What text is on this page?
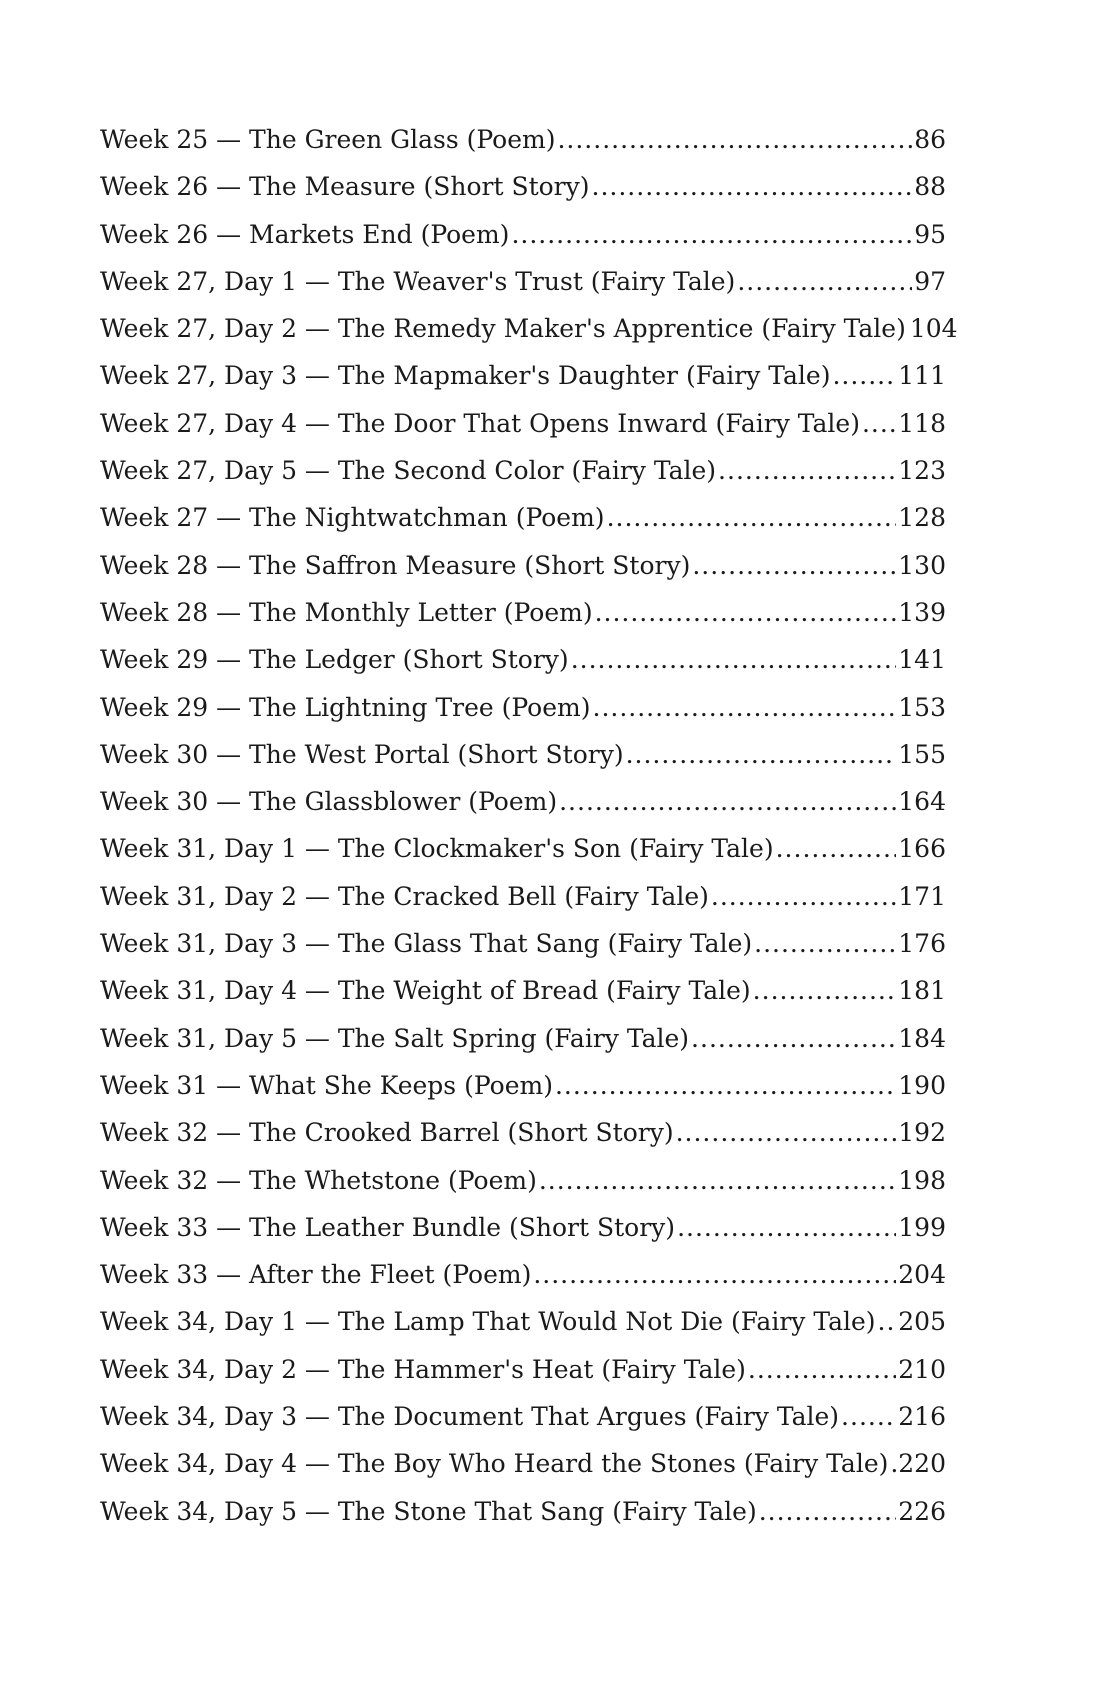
Week 25 — The Green Glass (Poem) .....	86
Week 26 — The Measure (Short Story) .....	88
Week 26 — Markets End (Poem) .....	95
Week 27, Day 1 — The Weaver's Trust (Fairy Tale) .....	97
Week 27, Day 2 — The Remedy Maker's Apprentice (Fairy Tale) 104
Week 27, Day 3 — The Mapmaker's Daughter (Fairy Tale) .....	111
Week 27, Day 4 — The Door That Opens Inward (Fairy Tale) ..... 118
Week 27, Day 5 — The Second Color (Fairy Tale) .....	123
Week 27 — The Nightwatchman (Poem) .....	128
Week 28 — The Saffron Measure (Short Story) .....	130
Week 28 — The Monthly Letter (Poem) .....	139
Week 29 — The Ledger (Short Story) .....	141
Week 29 — The Lightning Tree (Poem) .....	153
Week 30 — The West Portal (Short Story) .....	155
Week 30 — The Glassblower (Poem) .....	164
Week 31, Day 1 — The Clockmaker's Son (Fairy Tale) .....	166
Week 31, Day 2 — The Cracked Bell (Fairy Tale) .....	171
Week 31, Day 3 — The Glass That Sang (Fairy Tale) .....	176
Week 31, Day 4 — The Weight of Bread (Fairy Tale) .....	181
Week 31, Day 5 — The Salt Spring (Fairy Tale) .....	184
Week 31 — What She Keeps (Poem) .....	190
Week 32 — The Crooked Barrel (Short Story) .....	192
Week 32 — The Whetstone (Poem) .....	198
Week 33 — The Leather Bundle (Short Story) .....	199
Week 33 — After the Fleet (Poem) .....	204
Week 34, Day 1 — The Lamp That Would Not Die (Fairy Tale) ..... 205
Week 34, Day 2 — The Hammer's Heat (Fairy Tale) .....	210
Week 34, Day 3 — The Document That Argues (Fairy Tale) ..... 216
Week 34, Day 4 — The Boy Who Heard the Stones (Fairy Tale) ..... 220
Week 34, Day 5 — The Stone That Sang (Fairy Tale) .....	226
